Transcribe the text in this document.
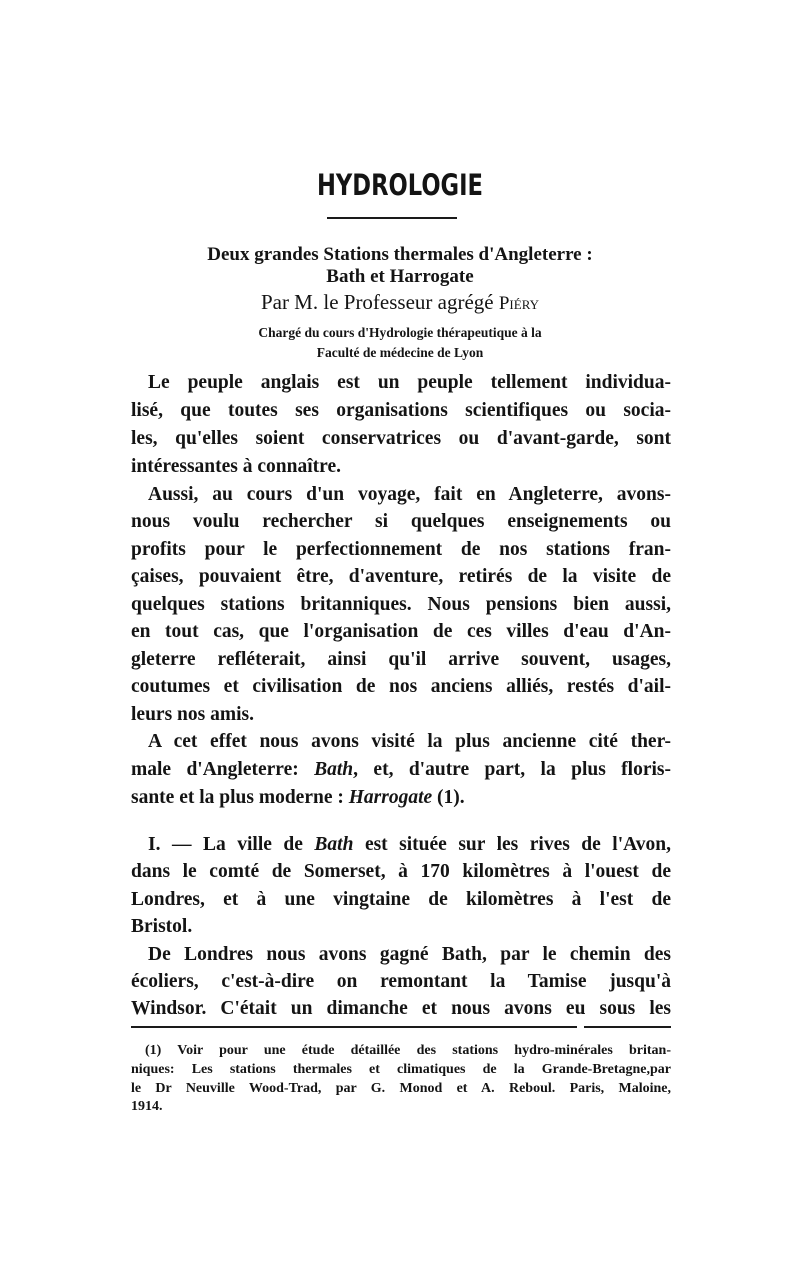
HYDROLOGIE
Deux grandes Stations thermales d'Angleterre :
Bath et Harrogate
Par M. le Professeur agrégé Piéry
Chargé du cours d'Hydrologie thérapeutique à la
Faculté de médecine de Lyon
Le peuple anglais est un peuple tellement individua-
lisé, que toutes ses organisations scientifiques ou socia-
les, qu'elles soient conservatrices ou d'avant-garde, sont
intéressantes à connaître.
Aussi, au cours d'un voyage, fait en Angleterre, avons-
nous voulu rechercher si quelques enseignements ou
profits pour le perfectionnement de nos stations fran-
çaises, pouvaient être, d'aventure, retirés de la visite de
quelques stations britanniques. Nous pensions bien aussi,
en tout cas, que l'organisation de ces villes d'eau d'An-
gleterre refléterait, ainsi qu'il arrive souvent, usages,
coutumes et civilisation de nos anciens alliés, restés d'ail-
leurs nos amis.
A cet effet nous avons visité la plus ancienne cité ther-
male d'Angleterre: Bath, et, d'autre part, la plus floris-
sante et la plus moderne : Harrogate (1).
I. — La ville de Bath est située sur les rives de l'Avon,
dans le comté de Somerset, à 170 kilomètres à l'ouest de
Londres, et à une vingtaine de kilomètres à l'est de
Bristol.
De Londres nous avons gagné Bath, par le chemin des
écoliers, c'est-à-dire on remontant la Tamise jusqu'à
Windsor. C'était un dimanche et nous avons eu sous les
(1) Voir pour une étude détaillée des stations hydro-minérales britan-
niques: Les stations thermales et climatiques de la Grande-Bretagne,par
le Dr Neuville Wood-Trad, par G. Monod et A. Reboul. Paris, Maloine,
1914.
